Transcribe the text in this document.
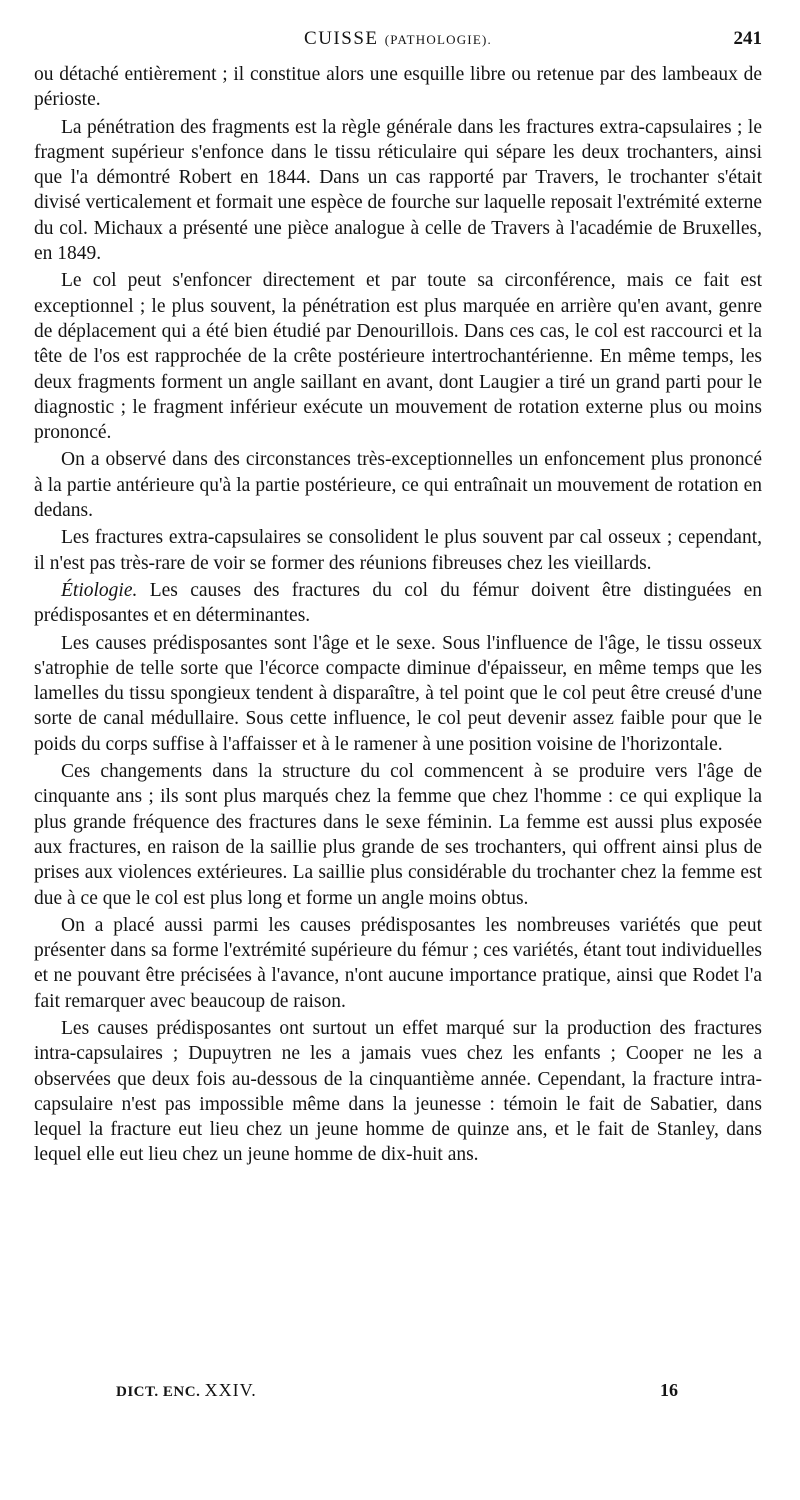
CUISSE (PATHOLOGIE).	241

ou détaché entièrement ; il constitue alors une esquille libre ou retenue par des lambeaux de périoste.

La pénétration des fragments est la règle générale dans les fractures extra-capsulaires ; le fragment supérieur s'enfonce dans le tissu réticulaire qui sépare les deux trochanters, ainsi que l'a démontré Robert en 1844. Dans un cas rapporté par Travers, le trochanter s'était divisé verticalement et formait une espèce de fourche sur laquelle reposait l'extrémité externe du col. Michaux a présenté une pièce analogue à celle de Travers à l'académie de Bruxelles, en 1849.

Le col peut s'enfoncer directement et par toute sa circonférence, mais ce fait est exceptionnel ; le plus souvent, la pénétration est plus marquée en arrière qu'en avant, genre de déplacement qui a été bien étudié par Denourillois. Dans ces cas, le col est raccourci et la tête de l'os est rapprochée de la crête postérieure intertrochantérienne. En même temps, les deux fragments forment un angle saillant en avant, dont Laugier a tiré un grand parti pour le diagnostic ; le fragment inférieur exécute un mouvement de rotation externe plus ou moins prononcé.

On a observé dans des circonstances très-exceptionnelles un enfoncement plus prononcé à la partie antérieure qu'à la partie postérieure, ce qui entraînait un mouvement de rotation en dedans.

Les fractures extra-capsulaires se consolident le plus souvent par cal osseux ; cependant, il n'est pas très-rare de voir se former des réunions fibreuses chez les vieillards.

Étiologie. Les causes des fractures du col du fémur doivent être distinguées en prédisposantes et en déterminantes.

Les causes prédisposantes sont l'âge et le sexe. Sous l'influence de l'âge, le tissu osseux s'atrophie de telle sorte que l'écorce compacte diminue d'épaisseur, en même temps que les lamelles du tissu spongieux tendent à disparaître, à tel point que le col peut être creusé d'une sorte de canal médullaire. Sous cette influence, le col peut devenir assez faible pour que le poids du corps suffise à l'affaisser et à le ramener à une position voisine de l'horizontale.

Ces changements dans la structure du col commencent à se produire vers l'âge de cinquante ans ; ils sont plus marqués chez la femme que chez l'homme : ce qui explique la plus grande fréquence des fractures dans le sexe féminin. La femme est aussi plus exposée aux fractures, en raison de la saillie plus grande de ses trochanters, qui offrent ainsi plus de prises aux violences extérieures. La saillie plus considérable du trochanter chez la femme est due à ce que le col est plus long et forme un angle moins obtus.

On a placé aussi parmi les causes prédisposantes les nombreuses variétés que peut présenter dans sa forme l'extrémité supérieure du fémur ; ces variétés, étant tout individuelles et ne pouvant être précisées à l'avance, n'ont aucune importance pratique, ainsi que Rodet l'a fait remarquer avec beaucoup de raison.

Les causes prédisposantes ont surtout un effet marqué sur la production des fractures intra-capsulaires ; Dupuytren ne les a jamais vues chez les enfants ; Cooper ne les a observées que deux fois au-dessous de la cinquantième année. Cependant, la fracture intra-capsulaire n'est pas impossible même dans la jeunesse : témoin le fait de Sabatier, dans lequel la fracture eut lieu chez un jeune homme de quinze ans, et le fait de Stanley, dans lequel elle eut lieu chez un jeune homme de dix-huit ans.

DICT. ENC. XXIV.	16
